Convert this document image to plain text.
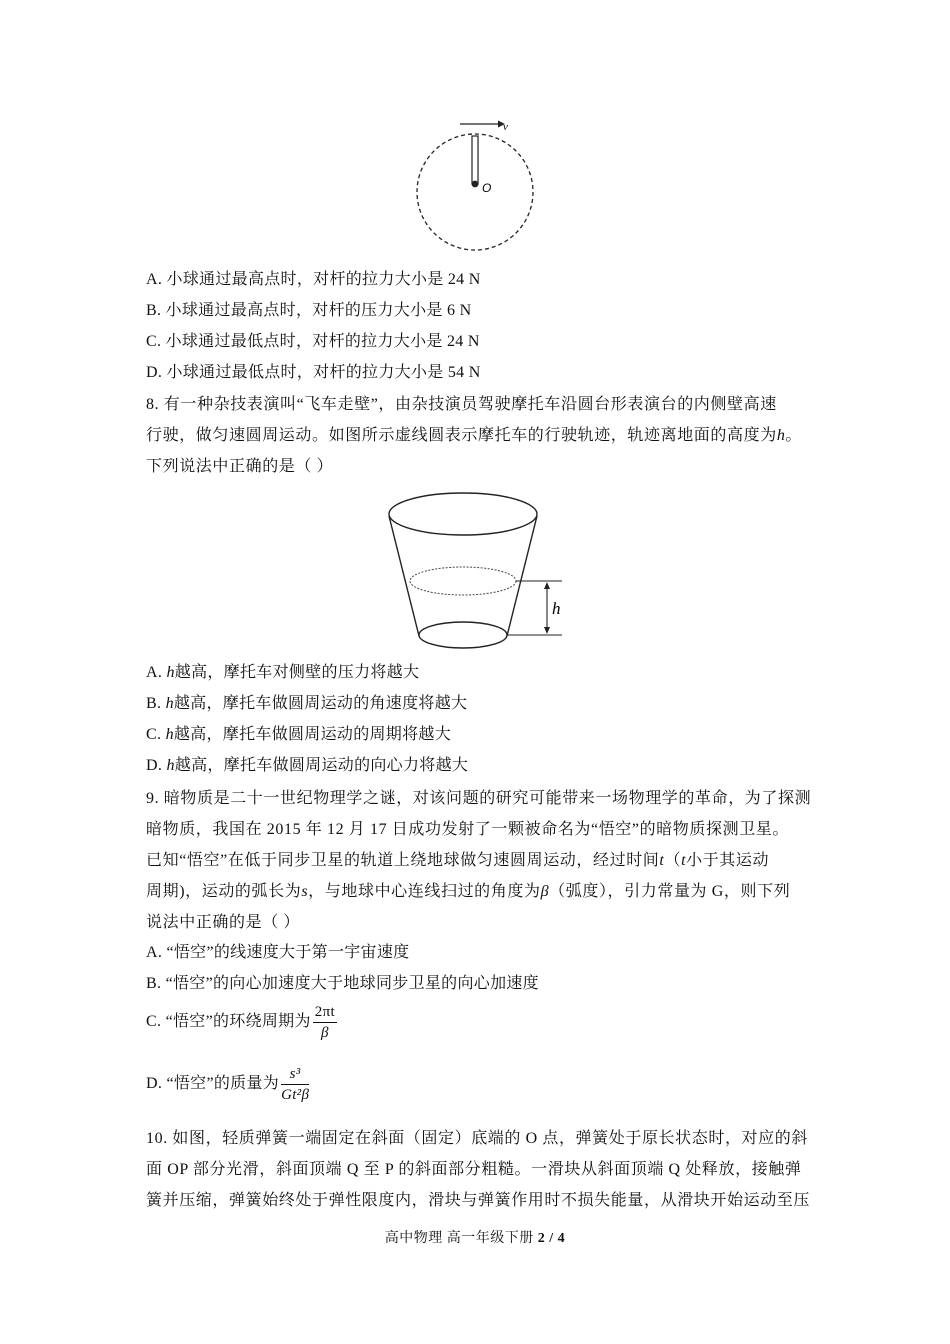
v
O
A. 小球通过最高点时，对杆的拉力大小是 24 N
B. 小球通过最高点时，对杆的压力大小是 6 N
C. 小球通过最低点时，对杆的拉力大小是 24 N
D. 小球通过最低点时，对杆的拉力大小是 54 N
8. 有一种杂技表演叫“飞车走壁”，由杂技演员驾驶摩托车沿圆台形表演台的内侧壁高速
行驶，做匀速圆周运动。如图所示虚线圆表示摩托车的行驶轨迹，轨迹离地面的高度为h。
下列说法中正确的是（ ）
h
A. h越高，摩托车对侧壁的压力将越大
B. h越高，摩托车做圆周运动的角速度将越大
C. h越高，摩托车做圆周运动的周期将越大
D. h越高，摩托车做圆周运动的向心力将越大
9. 暗物质是二十一世纪物理学之谜，对该问题的研究可能带来一场物理学的革命，为了探测
暗物质，我国在 2015 年 12 月 17 日成功发射了一颗被命名为“悟空”的暗物质探测卫星。
已知“悟空”在低于同步卫星的轨道上绕地球做匀速圆周运动，经过时间t（t小于其运动
周期)，运动的弧长为s，与地球中心连线扫过的角度为β（弧度），引力常量为 G，则下列
说法中正确的是（ ）
A. “悟空”的线速度大于第一宇宙速度
B. “悟空”的向心加速度大于地球同步卫星的向心加速度
C. “悟空”的环绕周期为 $\frac{2\pi t}{\beta}$
D. “悟空”的质量为 $\frac{\text{s³}}{\text{Gt²β}}$
10. 如图，轻质弹簧一端固定在斜面（固定）底端的 O 点，弹簧处于原长状态时，对应的斜
面 OP 部分光滑，斜面顶端 Q 至 P 的斜面部分粗糙。一滑块从斜面顶端 Q 处释放，接触弹
簧并压缩，弹簧始终处于弹性限度内，滑块与弹簧作用时不损失能量，从滑块开始运动至压
高中物理 高一年级下册 2 / 4
